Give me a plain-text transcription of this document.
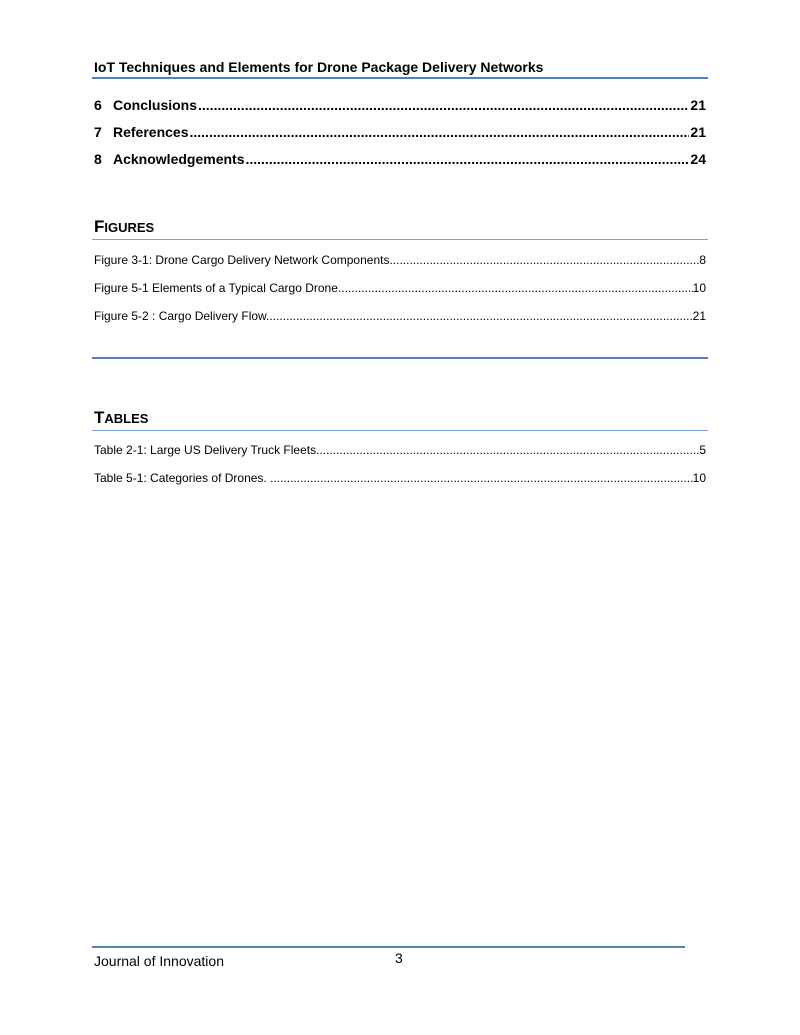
IoT Techniques and Elements for Drone Package Delivery Networks
6 Conclusions .....	21
7 References .....	21
8 Acknowledgements .....	24
FIGURES
Figure 3-1: Drone Cargo Delivery Network Components. .....	8
Figure 5-1 Elements of a Typical Cargo Drone. .....	10
Figure 5-2 : Cargo Delivery Flow. .....	21
TABLES
Table 2-1: Large US Delivery Truck Fleets. .....	5
Table 5-1: Categories of Drones. .....	10
Journal of Innovation	3
